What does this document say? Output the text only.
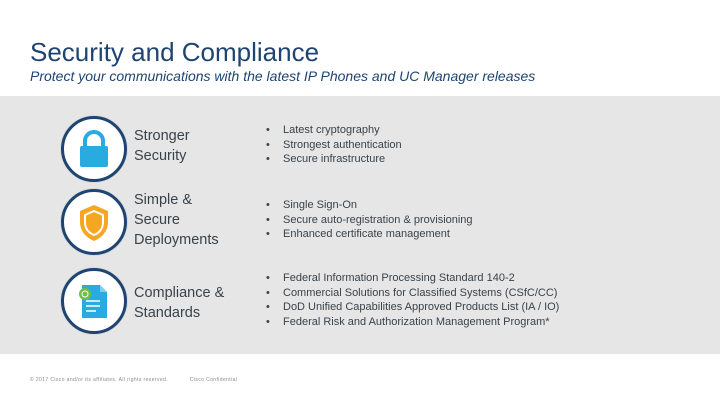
Security and Compliance
Protect your communications with the latest IP Phones and UC Manager releases
Stronger
Security
• Latest cryptography
• Strongest authentication
• Secure infrastructure
Simple &
Secure
Deployments
• Single Sign-On
• Secure auto-registration & provisioning
• Enhanced certificate management
Compliance &
Standards
• Federal Information Processing Standard 140-2
• Commercial Solutions for Classified Systems (CSfC/CC)
• DoD Unified Capabilities Approved Products List (IA / IO)
• Federal Risk and Authorization Management Program*
© 2017 Cisco and/or its affiliates. All rights reserved.	Cisco Confidential
